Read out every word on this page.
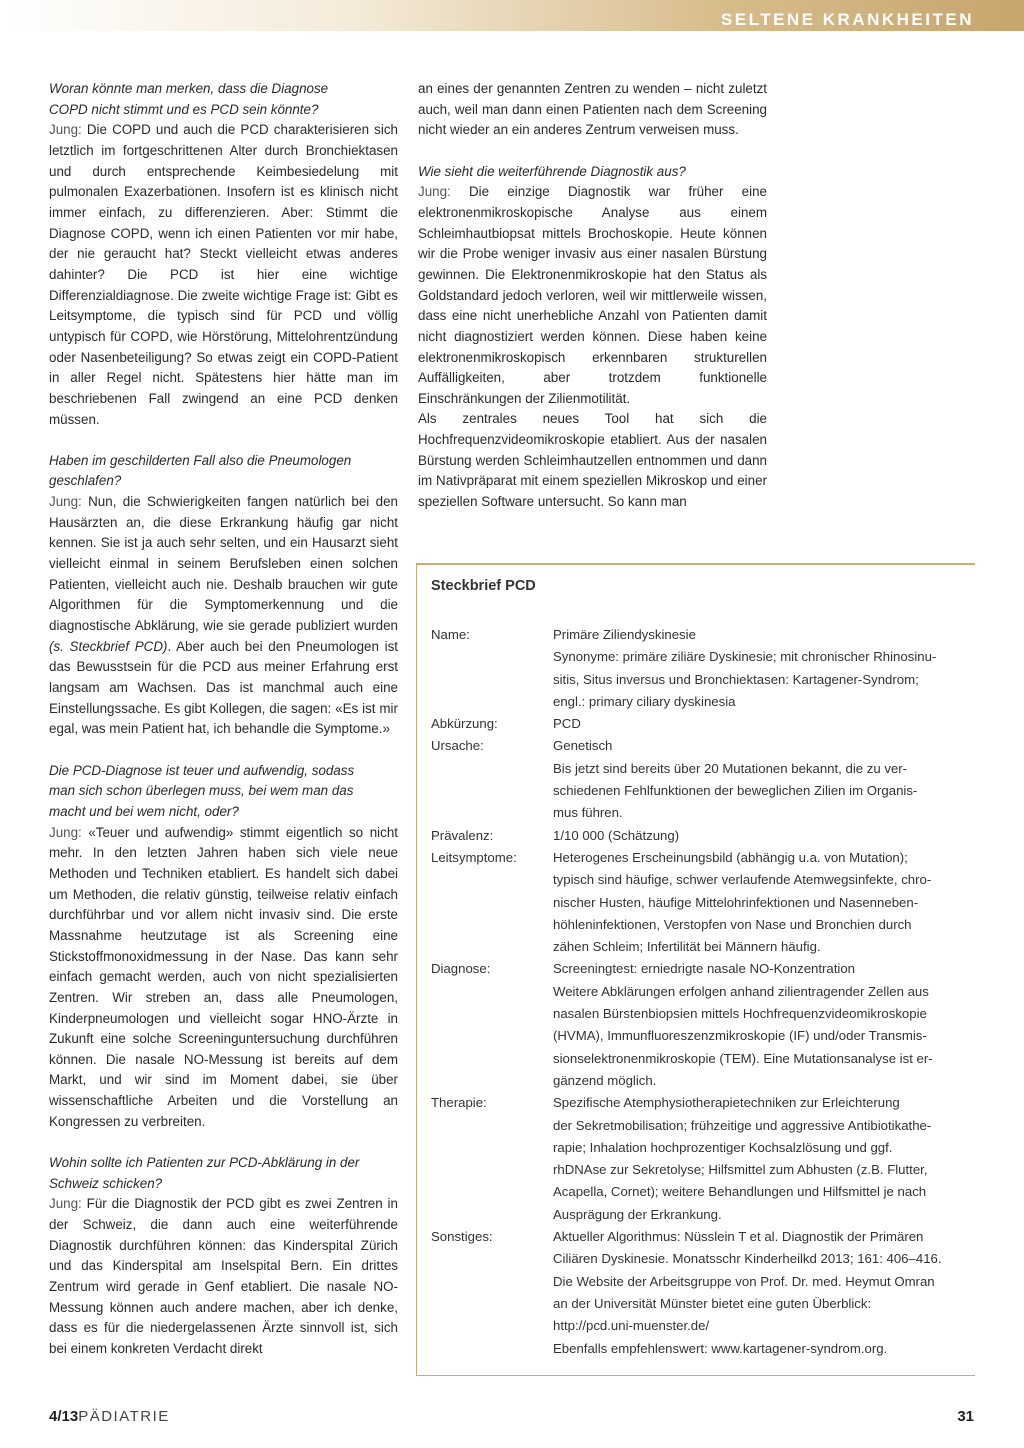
SELTENE KRANKHEITEN

Woran könnte man merken, dass die Diagnose
COPD nicht stimmt und es PCD sein könnte?

Jung: Die COPD und auch die PCD charakterisieren sich letztlich im fortgeschrittenen Alter durch Bronchiektasen und durch entsprechende Keimbesiedelung mit pulmonalen Exazerbationen. Insofern ist es klinisch nicht immer einfach, zu differenzieren. Aber: Stimmt die Diagnose COPD, wenn ich einen Patienten vor mir habe, der nie geraucht hat? Steckt vielleicht etwas anderes dahinter? Die PCD ist hier eine wichtige Differenzialdiagnose. Die zweite wichtige Frage ist: Gibt es Leitsymptome, die typisch sind für PCD und völlig untypisch für COPD, wie Hörstörung, Mittelohrentzündung oder Nasenbeteiligung? So etwas zeigt ein COPD-Patient in aller Regel nicht. Spätestens hier hätte man im beschriebenen Fall zwingend an eine PCD denken müssen.

Haben im geschilderten Fall also die Pneumologen
geschlafen?

Jung: Nun, die Schwierigkeiten fangen natürlich bei den Hausärzten an, die diese Erkrankung häufig gar nicht kennen. Sie ist ja auch sehr selten, und ein Hausarzt sieht vielleicht einmal in seinem Berufsleben einen solchen Patienten, vielleicht auch nie. Deshalb brauchen wir gute Algorithmen für die Symptomerkennung und die diagnostische Abklärung, wie sie gerade publiziert wurden (s. Steckbrief PCD). Aber auch bei den Pneumologen ist das Bewusstsein für die PCD aus meiner Erfahrung erst langsam am Wachsen. Das ist manchmal auch eine Einstellungssache. Es gibt Kollegen, die sagen: «Es ist mir egal, was mein Patient hat, ich behandle die Symptome.»

Die PCD-Diagnose ist teuer und aufwendig, sodass
man sich schon überlegen muss, bei wem man das
macht und bei wem nicht, oder?

Jung: «Teuer und aufwendig» stimmt eigentlich so nicht mehr. In den letzten Jahren haben sich viele neue Methoden und Techniken etabliert. Es handelt sich dabei um Methoden, die relativ günstig, teilweise relativ einfach durchführbar und vor allem nicht invasiv sind. Die erste Massnahme heutzutage ist als Screening eine Stickstoffmonoxidmessung in der Nase. Das kann sehr einfach gemacht werden, auch von nicht spezialisierten Zentren. Wir streben an, dass alle Pneumologen, Kinderpneumologen und vielleicht sogar HNO-Ärzte in Zukunft eine solche Screeninguntersuchung durchführen können. Die nasale NO-Messung ist bereits auf dem Markt, und wir sind im Moment dabei, sie über wissenschaftliche Arbeiten und die Vorstellung an Kongressen zu verbreiten.

Wohin sollte ich Patienten zur PCD-Abklärung in der
Schweiz schicken?

Jung: Für die Diagnostik der PCD gibt es zwei Zentren in der Schweiz, die dann auch eine weiterführende Diagnostik durchführen können: das Kinderspital Zürich und das Kinderspital am Inselspital Bern. Ein drittes Zentrum wird gerade in Genf etabliert. Die nasale NO-Messung können auch andere machen, aber ich denke, dass es für die niedergelassenen Ärzte sinnvoll ist, sich bei einem konkreten Verdacht direkt

an eines der genannten Zentren zu wenden – nicht zuletzt auch, weil man dann einen Patienten nach dem Screening nicht wieder an ein anderes Zentrum verweisen muss.

Wie sieht die weiterführende Diagnostik aus?

Jung: Die einzige Diagnostik war früher eine elektronenmikroskopische Analyse aus einem Schleimhautbiopsat mittels Brochoskopie. Heute können wir die Probe weniger invasiv aus einer nasalen Bürstung gewinnen. Die Elektronenmikroskopie hat den Status als Goldstandard jedoch verloren, weil wir mittlerweile wissen, dass eine nicht unerhebliche Anzahl von Patienten damit nicht diagnostiziert werden können. Diese haben keine elektronenmikroskopisch erkennbaren strukturellen Auffälligkeiten, aber trotzdem funktionelle Einschränkungen der Zilienmotilität.

Als zentrales neues Tool hat sich die Hochfrequenzvideomikroskopie etabliert. Aus der nasalen Bürstung werden Schleimhautzellen entnommen und dann im Nativpräparat mit einem speziellen Mikroskop und einer speziellen Software untersucht. So kann man

Steckbrief PCD
Name:	Primäre Ziliendyskinesie
Synonyme: primäre ziliäre Dyskinesie; mit chronischer Rhinosinu-
sitis, Situs inversus und Bronchiektasen: Kartagener-Syndrom;
engl.: primary ciliary dyskinesia
Abkürzung:	PCD
Ursache:	Genetisch
Bis jetzt sind bereits über 20 Mutationen bekannt, die zu ver-
schiedenen Fehlfunktionen der beweglichen Zilien im Organis-
mus führen.
Prävalenz:	1/10 000 (Schätzung)
Leitsymptome:	Heterogenes Erscheinungsbild (abhängig u.a. von Mutation);
typisch sind häufige, schwer verlaufende Atemwegsinfekte, chro-
nischer Husten, häufige Mittelohrinfektionen und Nasenneben-
höhleninfektionen, Verstopfen von Nase und Bronchien durch
zähen Schleim; Infertilität bei Männern häufig.
Diagnose:	Screeningtest: erniedrigte nasale NO-Konzentration
Weitere Abklärungen erfolgen anhand zilientragender Zellen aus
nasalen Bürstenbiopsien mittels Hochfrequenzvideomikroskopie
(HVMA), Immunfluoreszenzmikroskopie (IF) und/oder Transmis-
sionselektronenmikroskopie (TEM). Eine Mutationsanalyse ist er-
gänzend möglich.
Therapie:	Spezifische Atemphysiotherapietechniken zur Erleichterung
der Sekretmobilisation; frühzeitige und aggressive Antibiotikathe-
rapie; Inhalation hochprozentiger Kochsalzlösung und ggf.
rhDNAse zur Sekretolyse; Hilfsmittel zum Abhusten (z.B. Flutter,
Acapella, Cornet); weitere Behandlungen und Hilfsmittel je nach
Ausprägung der Erkrankung.
Sonstiges:	Aktueller Algorithmus: Nüsslein T et al. Diagnostik der Primären
Ciliären Dyskinesie. Monatsschr Kinderheilkd 2013; 161: 406–416.
Die Website der Arbeitsgruppe von Prof. Dr. med. Heymut Omran
an der Universität Münster bietet eine guten Überblick:
http://pcd.uni-muenster.de/
Ebenfalls empfehlenswert: www.kartagener-syndrom.org.
4/13PÄDIATRIE	31
